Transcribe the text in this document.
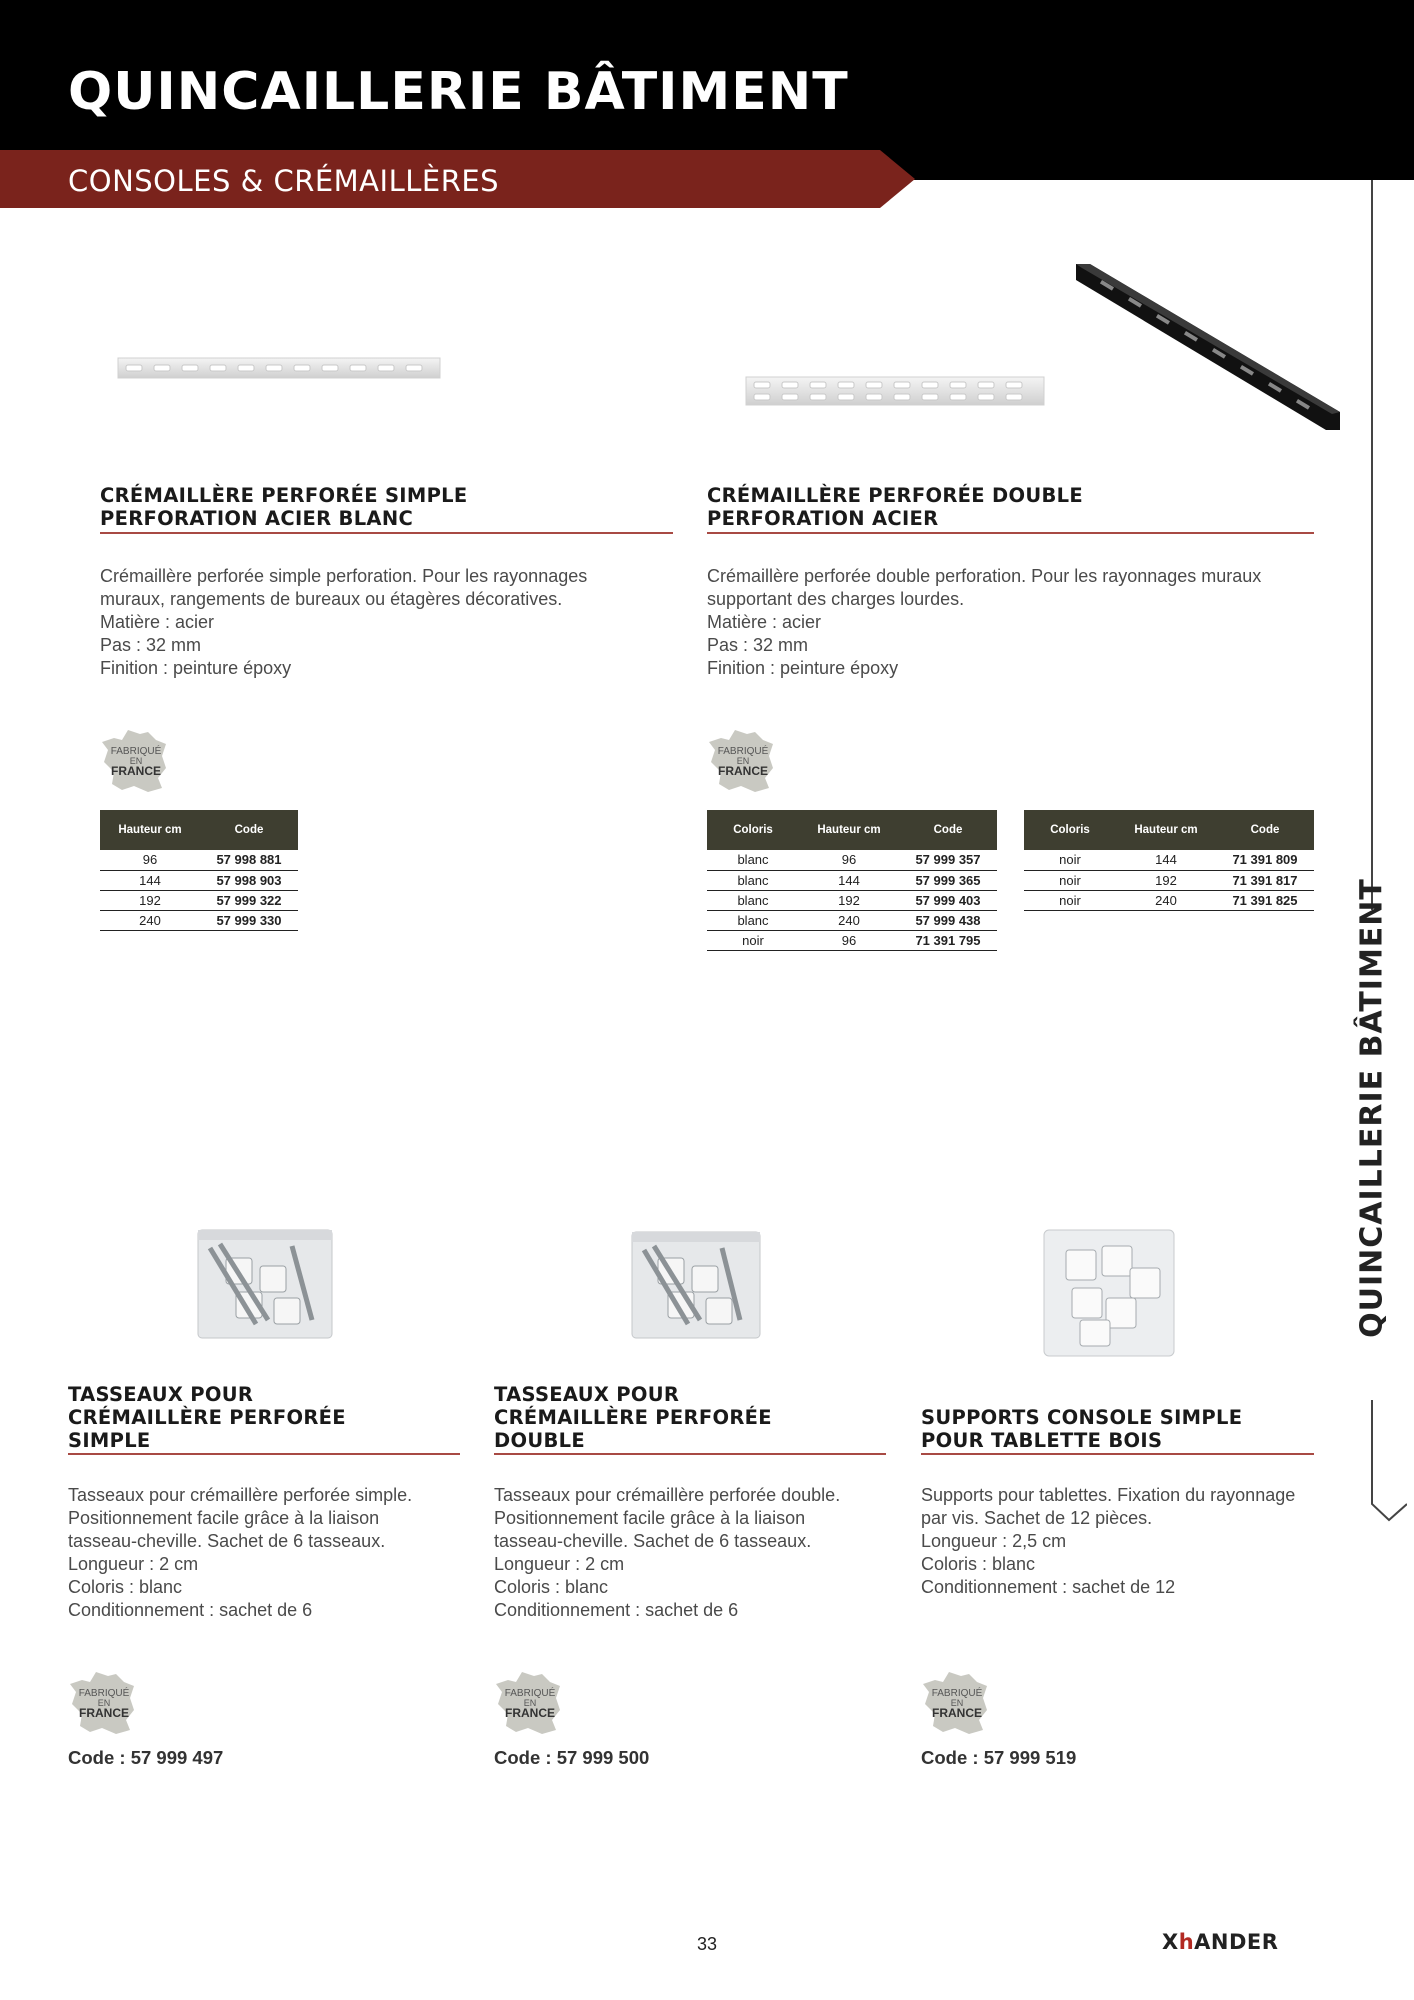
QUINCAILLERIE BÂTIMENT
CONSOLES & CRÉMAILLÈRES
QUINCAILLERIE BÂTIMENT
CRÉMAILLÈRE PERFORÉE SIMPLE
PERFORATION ACIER BLANC
Crémaillère perforée simple perforation. Pour les rayonnages
muraux, rangements de bureaux ou étagères décoratives.
Matière : acier
Pas : 32 mm
Finition : peinture époxy
FABRIQUÉ
EN
FRANCE
Hauteur cm	Code
96	57 998 881
144	57 998 903
192	57 999 322
240	57 999 330
CRÉMAILLÈRE PERFORÉE DOUBLE
PERFORATION ACIER
Crémaillère perforée double perforation. Pour les rayonnages muraux
supportant des charges lourdes.
Matière : acier
Pas : 32 mm
Finition : peinture époxy
FABRIQUÉ
EN
FRANCE
Coloris	Hauteur cm	Code
blanc	96	57 999 357
blanc	144	57 999 365
blanc	192	57 999 403
blanc	240	57 999 438
noir	96	71 391 795
Coloris	Hauteur cm	Code
noir	144	71 391 809
noir	192	71 391 817
noir	240	71 391 825
TASSEAUX POUR
CRÉMAILLÈRE PERFORÉE
SIMPLE
Tasseaux pour crémaillère perforée simple.
Positionnement facile grâce à la liaison
tasseau-cheville. Sachet de 6 tasseaux.
Longueur : 2 cm
Coloris : blanc
Conditionnement : sachet de 6
FABRIQUÉ
EN
FRANCE
Code : 57 999 497
TASSEAUX POUR
CRÉMAILLÈRE PERFORÉE
DOUBLE
Tasseaux pour crémaillère perforée double.
Positionnement facile grâce à la liaison
tasseau-cheville. Sachet de 6 tasseaux.
Longueur : 2 cm
Coloris : blanc
Conditionnement : sachet de 6
FABRIQUÉ
EN
FRANCE
Code : 57 999 500
SUPPORTS CONSOLE SIMPLE
POUR TABLETTE BOIS
Supports pour tablettes. Fixation du rayonnage
par vis. Sachet de 12 pièces.
Longueur : 2,5 cm
Coloris : blanc
Conditionnement : sachet de 12
FABRIQUÉ
EN
FRANCE
Code : 57 999 519
33	XhANDER
